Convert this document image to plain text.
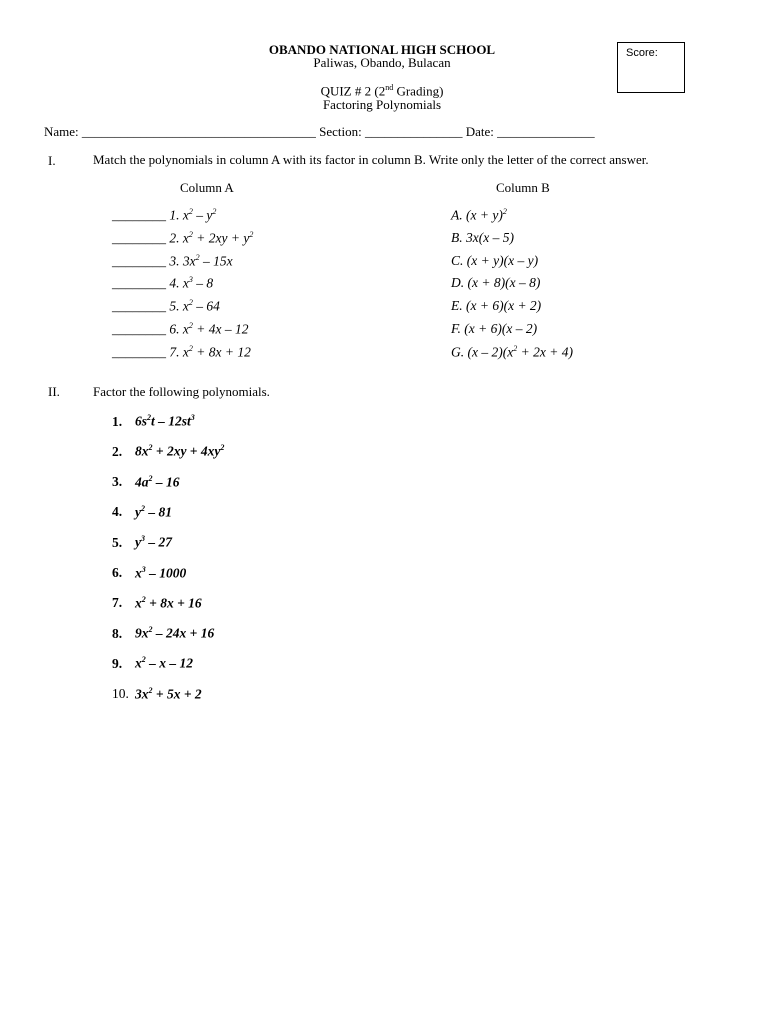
OBANDO NATIONAL HIGH SCHOOL
Paliwas, Obando, Bulacan
QUIZ # 2 (2nd Grading)
Factoring Polynomials
Score:
Name: ____________________________________ Section: _______________ Date: _______________
I.	Match the polynomials in column A with its factor in column B. Write only the letter of the correct answer.
Column A	Column B
________ 1. $x^2 - y^2$
________ 2. $x^2 + 2xy + y^2$
________ 3. $3x^2 - 15x$
________ 4. $x^3 - 8$
________ 5. $x^2 - 64$
________ 6. $x^2 + 4x - 12$
________ 7. $x^2 + 8x + 12$
A. $(x + y)^2$
B. 3x(x – 5)
C. (x + y)(x – y)
D. (x + 8)(x – 8)
E. (x + 6)(x + 2)
F. (x + 6)(x – 2)
G. $(x - 2)(x^2 + 2x + 4)$
II.	Factor the following polynomials.
1. $6s^2t - 12st^3$
2. $8x^2 + 2xy + 4xy^2$
3. $4a^2 - 16$
4. $y^2 - 81$
5. $y^3 - 27$
6. $x^3 - 1000$
7. $x^2 + 8x + 16$
8. $9x^2 - 24x + 16$
9. $x^2$ – x – 12
10. $3x^2 + 5x + 2$
